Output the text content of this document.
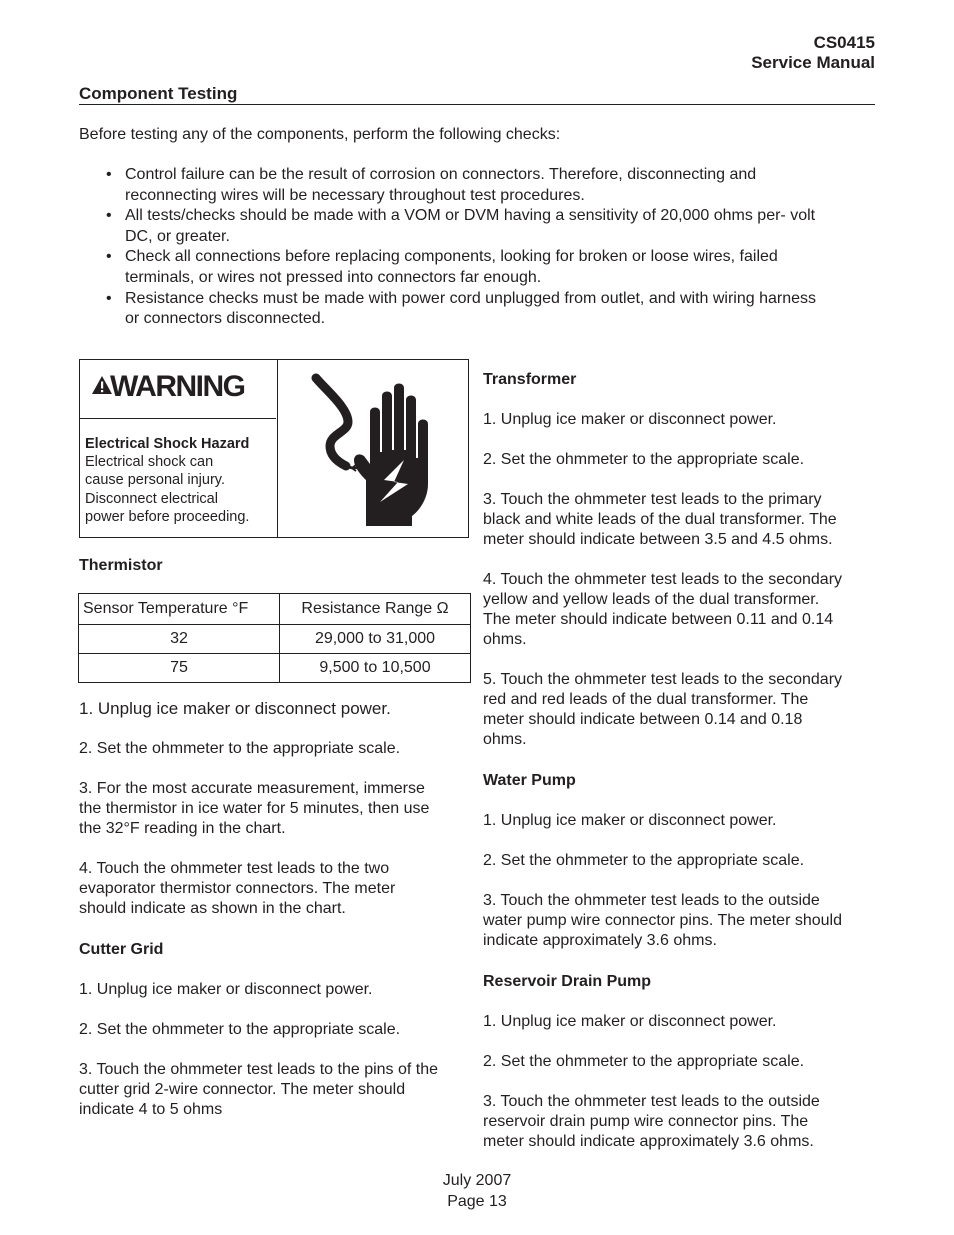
CS0415
Service Manual
Component Testing
Before testing any of the components, perform the following checks:
• Control failure can be the result of corrosion on connectors. Therefore, disconnecting and
reconnecting wires will be necessary throughout test procedures.
• All tests/checks should be made with a VOM or DVM having a sensitivity of 20,000 ohms per- volt
DC, or greater.
• Check all connections before replacing components, looking for broken or loose wires, failed
terminals, or wires not pressed into connectors far enough.
• Resistance checks must be made with power cord unplugged from outlet, and with wiring harness
or connectors disconnected.
WARNING
Electrical Shock Hazard
Electrical shock can
cause personal injury.
Disconnect electrical
power before proceeding.
Thermistor
Sensor Temperature °F	Resistance Range Ω
32	29,000 to 31,000
75	9,500 to 10,500

1. Unplug ice maker or disconnect power.

2. Set the ohmmeter to the appropriate scale.

3. For the most accurate measurement, immerse

the thermistor in ice water for 5 minutes, then use

the 32°F reading in the chart.

4. Touch the ohmmeter test leads to the two

evaporator thermistor connectors. The meter

should indicate as shown in the chart.

Cutter Grid

1. Unplug ice maker or disconnect power.

2. Set the ohmmeter to the appropriate scale.

3. Touch the ohmmeter test leads to the pins of the

cutter grid 2-wire connector. The meter should

indicate 4 to 5 ohms

Transformer

1. Unplug ice maker or disconnect power.

2. Set the ohmmeter to the appropriate scale.

3. Touch the ohmmeter test leads to the primary

black and white leads of the dual transformer. The

meter should indicate between 3.5 and 4.5 ohms.

4. Touch the ohmmeter test leads to the secondary

yellow and yellow leads of the dual transformer.

The meter should indicate between 0.11 and 0.14

ohms.

5. Touch the ohmmeter test leads to the secondary

red and red leads of the dual transformer. The

meter should indicate between 0.14 and 0.18

ohms.

Water Pump

1. Unplug ice maker or disconnect power.

2. Set the ohmmeter to the appropriate scale.

3. Touch the ohmmeter test leads to the outside

water pump wire connector pins. The meter should

indicate approximately 3.6 ohms.

Reservoir Drain Pump

1. Unplug ice maker or disconnect power.

2. Set the ohmmeter to the appropriate scale.

3. Touch the ohmmeter test leads to the outside

reservoir drain pump wire connector pins. The

meter should indicate approximately 3.6 ohms.

July 2007
Page 13
